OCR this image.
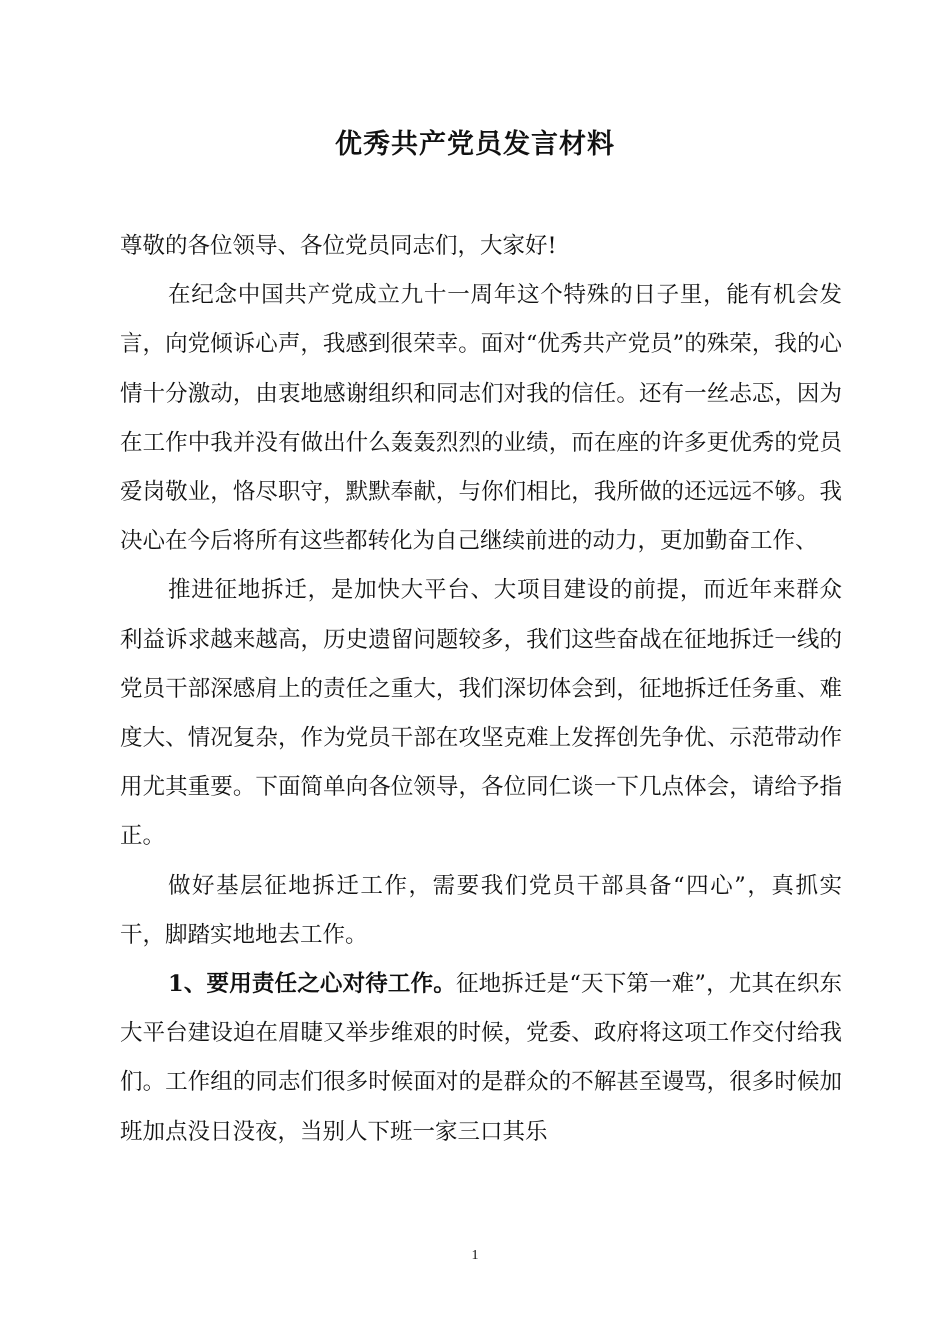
优秀共产党员发言材料

尊敬的各位领导、各位党员同志们，大家好!

在纪念中国共产党成立九十一周年这个特殊的日子里，能有机会发言，向党倾诉心声，我感到很荣幸。面对“优秀共产党员”的殊荣，我的心情十分激动，由衷地感谢组织和同志们对我的信任。还有一丝忐忑，因为在工作中我并没有做出什么轰轰烈烈的业绩，而在座的许多更优秀的党员爱岗敬业，恪尽职守，默默奉献，与你们相比，我所做的还远远不够。我决心在今后将所有这些都转化为自己继续前进的动力，更加勤奋工作、

推进征地拆迁，是加快大平台、大项目建设的前提，而近年来群众利益诉求越来越高，历史遗留问题较多，我们这些奋战在征地拆迁一线的党员干部深感肩上的责任之重大，我们深切体会到，征地拆迁任务重、难度大、情况复杂，作为党员干部在攻坚克难上发挥创先争优、示范带动作用尤其重要。下面简单向各位领导，各位同仁谈一下几点体会，请给予指正。

做好基层征地拆迁工作，需要我们党员干部具备“四心”，真抓实干，脚踏实地地去工作。

1、要用责任之心对待工作。征地拆迁是“天下第一难”，尤其在织东大平台建设迫在眉睫又举步维艰的时候，党委、政府将这项工作交付给我们。工作组的同志们很多时候面对的是群众的不解甚至谩骂，很多时候加班加点没日没夜，当别人下班一家三口其乐

1
